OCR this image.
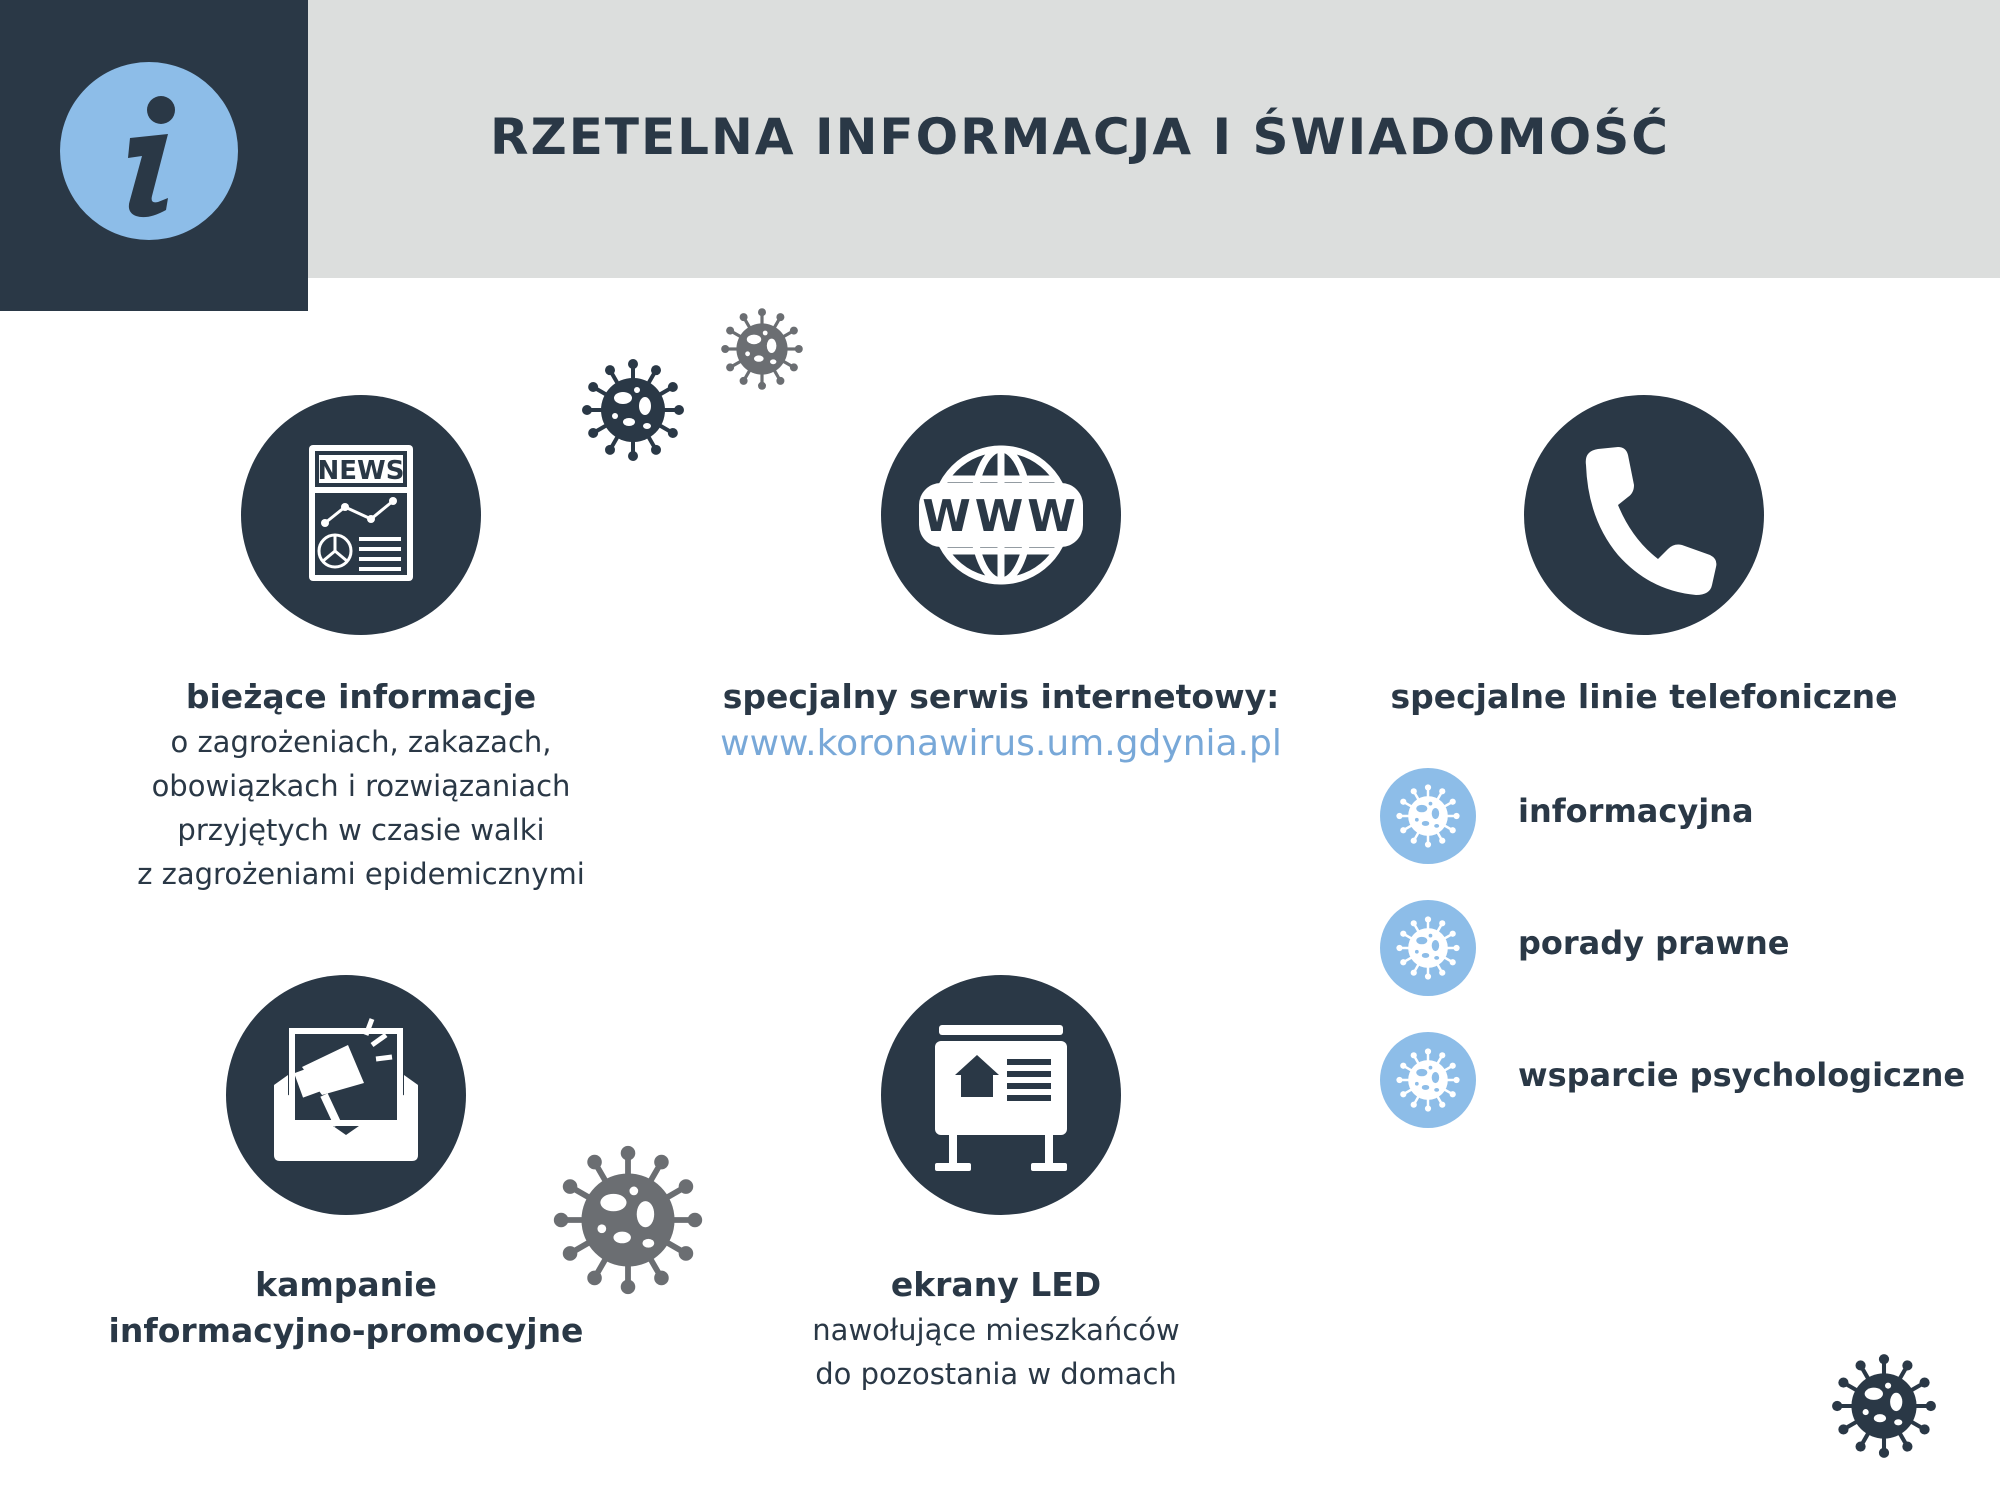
RZETELNA INFORMACJA I ŚWIADOMOŚĆ
NEWS
bieżące informacje
o zagrożeniach, zakazach,
obowiązkach i rozwiązaniach
przyjętych w czasie walki
z zagrożeniami epidemicznymi
WWW
specjalny serwis internetowy:
www.koronawirus.um.gdynia.pl
specjalne linie telefoniczne
informacyjna
porady prawne
wsparcie psychologiczne
kampanie
informacyjno-promocyjne
ekrany LED
nawołujące mieszkańców
do pozostania w domach
